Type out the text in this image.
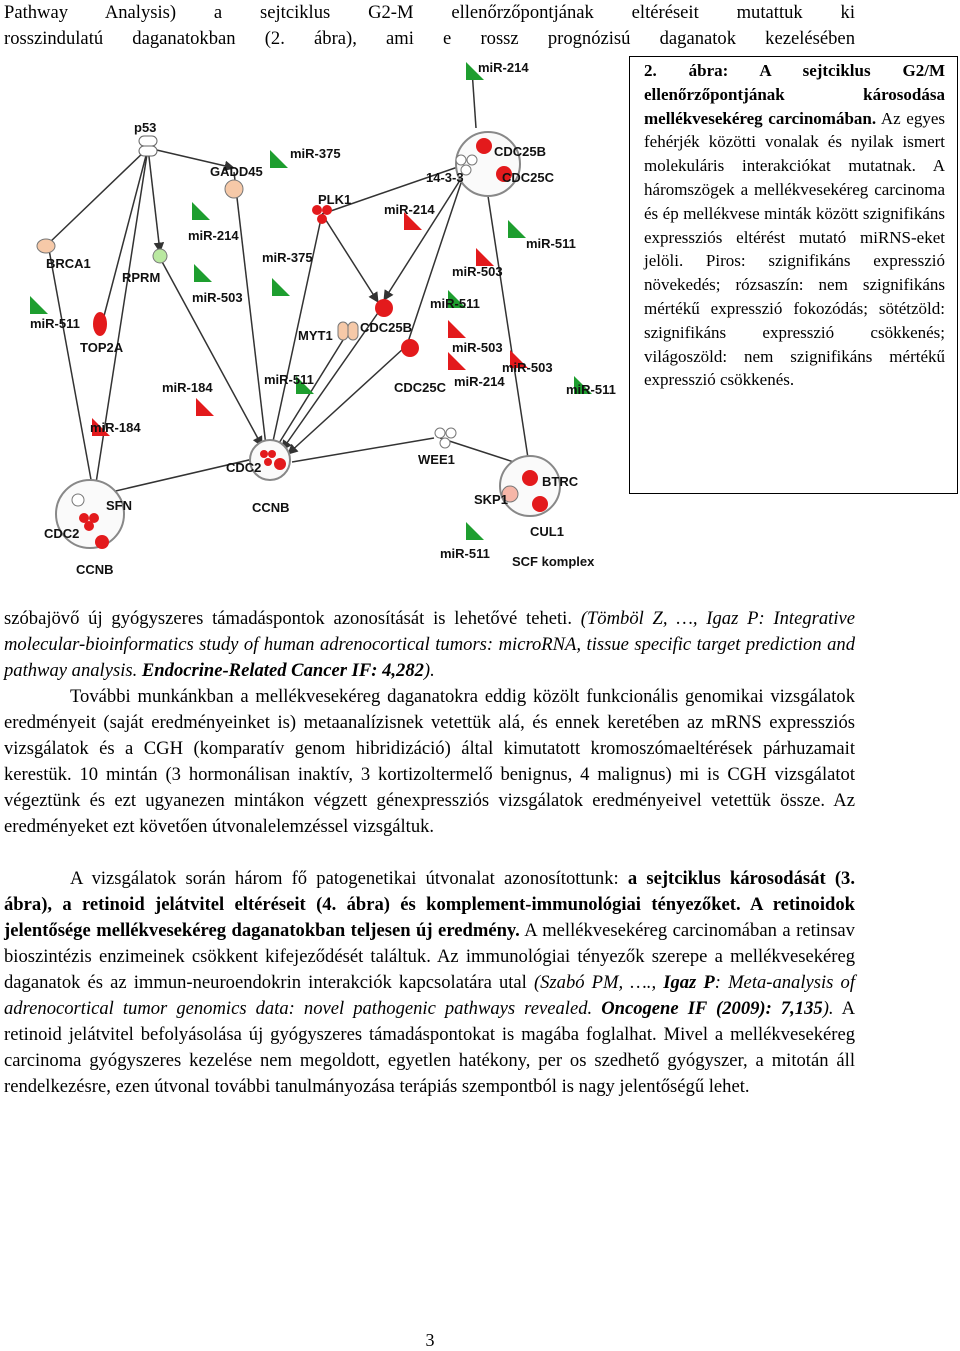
Pathway Analysis) a sejtciklus G2-M ellenőrzőpontjának eltéréseit mutattuk ki
rosszindulatú daganatokban (2. ábra), ami e rossz prognózisú daganatok kezelésében
p53
BRCA1
miR-511
TOP2A
RPRM
GADD45
miR-214
miR-503
miR-184
miR-184
miR-375
miR-375
PLK1
MYT1
CDC25B
CDC25C
miR-511
CDC2
CCNB
SFN
CDC2
CCNB
miR-214
CDC25B
CDC25C
14-3-3
miR-214
miR-511
miR-503
miR-511
miR-503
miR-214
miR-503
miR-511
WEE1
BTRC
SKP1
CUL1
miR-511
SCF komplex

2. ábra: A sejtciklus G2/M ellenőrzőpontjának károsodása mellékvesekéreg carcinomában. Az egyes fehérjék közötti vonalak és nyilak ismert molekuláris interakciókat mutatnak. A háromszögek a mellékvesekéreg carcinoma és ép mellékvese minták között szignifikáns expressziós eltérést mutató miRNS-eket jelöli. Piros: szignifikáns expresszió növekedés; rózsaszín: nem szignifikáns mértékű expresszió fokozódás; sötétzöld: szignifikáns expresszió csökkenés; világoszöld: nem szignifikáns mértékű expresszió csökkenés.

szóbajövő új gyógyszeres támadáspontok azonosítását is lehetővé teheti. (Tömböl Z, …, Igaz P: Integrative molecular-bioinformatics study of human adrenocortical tumors: microRNA, tissue specific target prediction and pathway analysis. Endocrine-Related Cancer IF: 4,282).

További munkánkban a mellékvesekéreg daganatokra eddig közölt funkcionális genomikai vizsgálatok eredményeit (saját eredményeinket is) metaanalízisnek vetettük alá, és ennek keretében az mRNS expressziós vizsgálatok és a CGH (komparatív genom hibridizáció) által kimutatott kromoszómaeltérések párhuzamait kerestük. 10 mintán (3 hormonálisan inaktív, 3 kortizoltermelő benignus, 4 malignus) mi is CGH vizsgálatot végeztünk és ezt ugyanezen mintákon végzett génexpressziós vizsgálatok eredményeivel vetettük össze. Az eredményeket ezt követően útvonalelemzéssel vizsgáltuk.

A vizsgálatok során három fő patogenetikai útvonalat azonosítottunk: a sejtciklus károsodását (3. ábra), a retinoid jelátvitel eltéréseit (4. ábra) és komplement-immunológiai tényezőket. A retinoidok jelentősége mellékvesekéreg daganatokban teljesen új eredmény. A mellékvesekéreg carcinomában a retinsav bioszintézis enzimeinek csökkent kifejeződését találtuk. Az immunológiai tényezők szerepe a mellékvesekéreg daganatok és az immun-neuroendokrin interakciók kapcsolatára utal (Szabó PM, …., Igaz P: Meta-analysis of adrenocortical tumor genomics data: novel pathogenic pathways revealed. Oncogene IF (2009): 7,135). A retinoid jelátvitel befolyásolása új gyógyszeres támadáspontokat is magába foglalhat. Mivel a mellékvesekéreg carcinoma gyógyszeres kezelése nem megoldott, egyetlen hatékony, per os szedhető gyógyszer, a mitotán áll rendelkezésre, ezen útvonal további tanulmányozása terápiás szempontból is nagy jelentőségű lehet.

3
